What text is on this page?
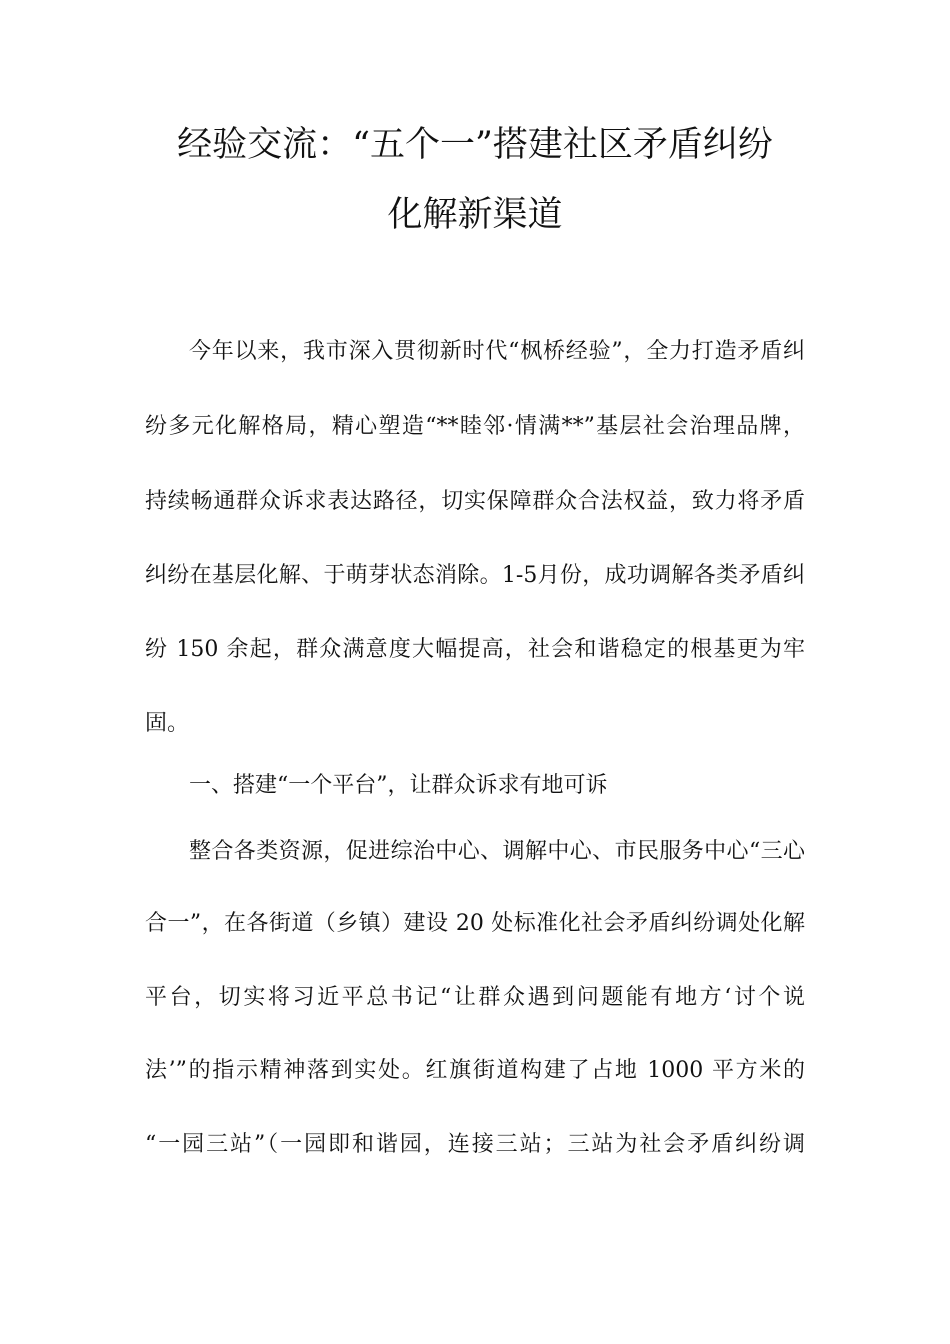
经验交流：“五个一”搭建社区矛盾纠纷
化解新渠道
今年以来，我市深入贯彻新时代“枫桥经验”，全力打造矛盾纠
纷多元化解格局，精心塑造“**睦邻·情满**”基层社会治理品牌，
持续畅通群众诉求表达路径，切实保障群众合法权益，致力将矛盾
纠纷在基层化解、于萌芽状态消除。1-5月份，成功调解各类矛盾纠
纷 150 余起，群众满意度大幅提高，社会和谐稳定的根基更为牢
固。
一、搭建“一个平台”，让群众诉求有地可诉
整合各类资源，促进综治中心、调解中心、市民服务中心“三心
合一”，在各街道（乡镇）建设 20 处标准化社会矛盾纠纷调处化解
平台，切实将习近平总书记“让群众遇到问题能有地方‘讨个说
法’”的指示精神落到实处。红旗街道构建了占地 1000 平方米的
“一园三站”（一园即和谐园，连接三站；三站为社会矛盾纠纷调
